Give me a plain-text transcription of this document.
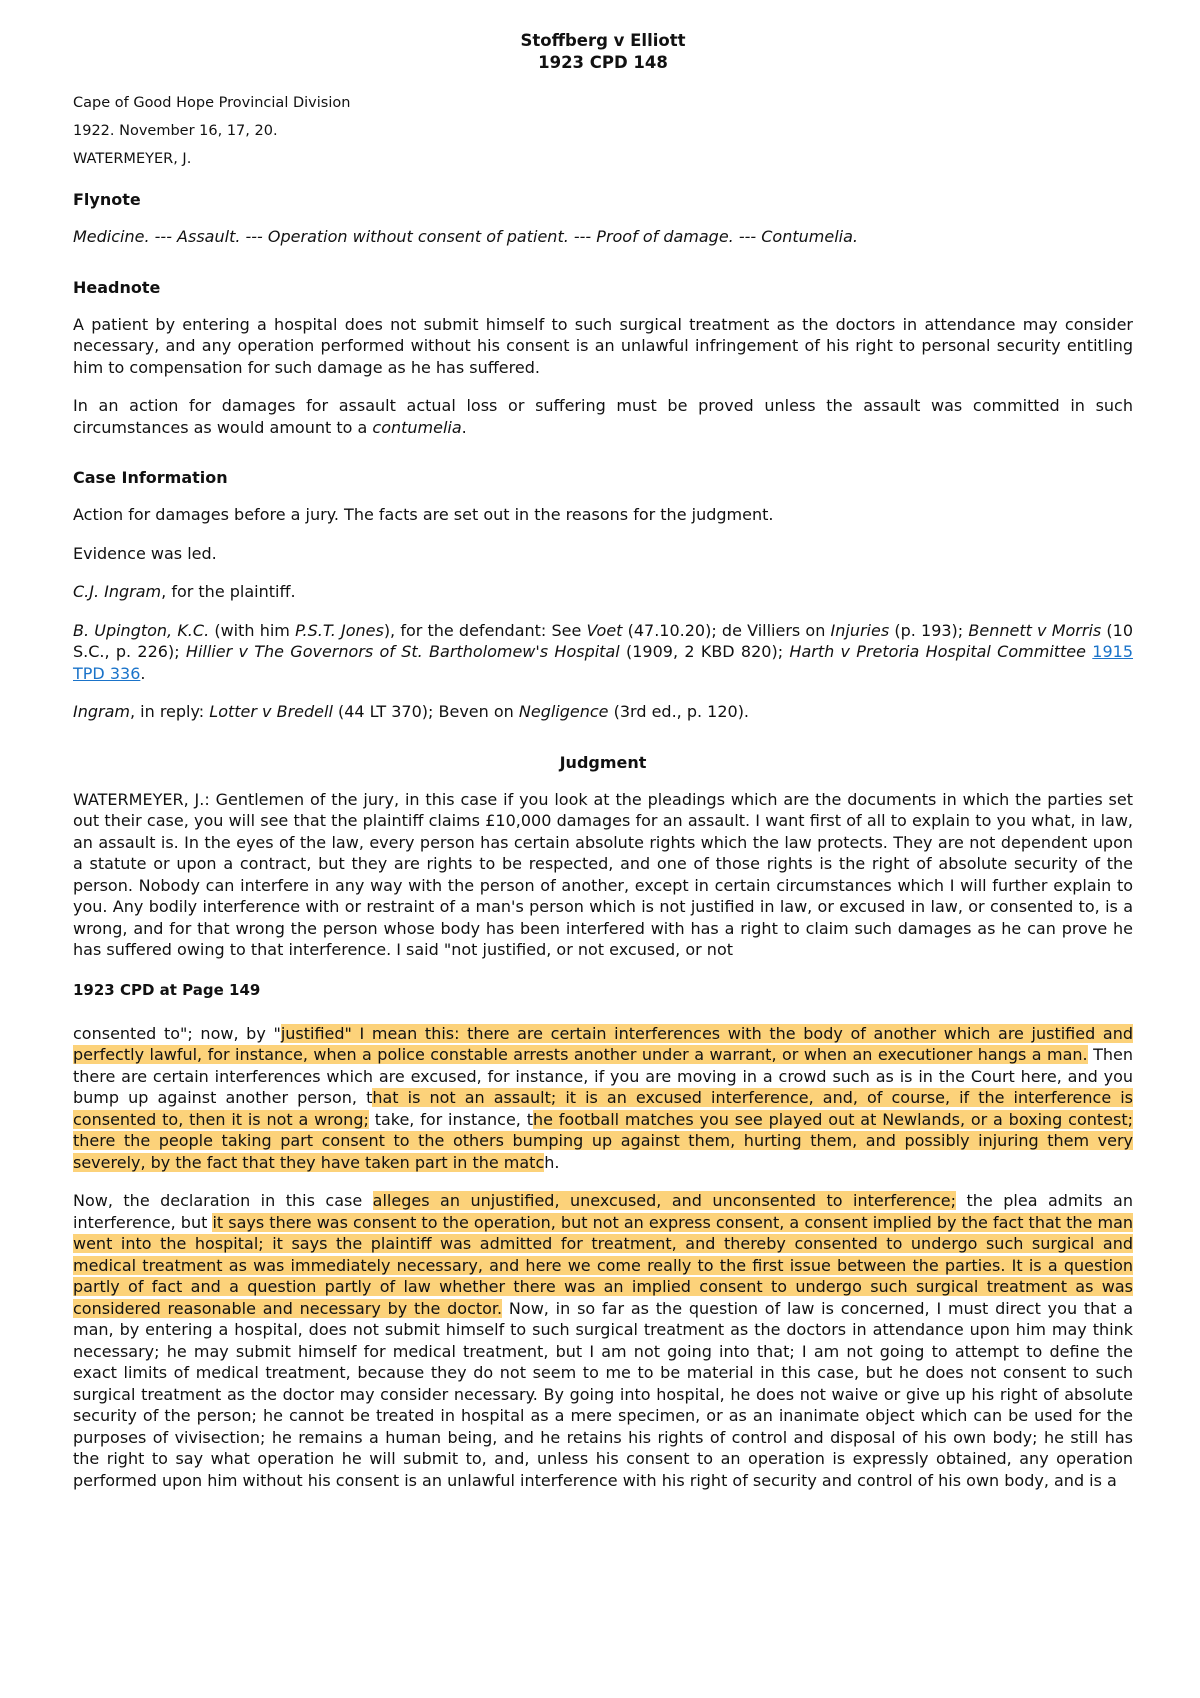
Stoffberg v Elliott

1923 CPD 148

Cape of Good Hope Provincial Division

1922. November 16, 17, 20.

WATERMEYER, J.

Flynote

Medicine. --- Assault. --- Operation without consent of patient. --- Proof of damage. --- Contumelia.

Headnote

A patient by entering a hospital does not submit himself to such surgical treatment as the doctors in attendance may consider necessary, and any operation performed without his consent is an unlawful infringement of his right to personal security entitling him to compensation for such damage as he has suffered.

In an action for damages for assault actual loss or suffering must be proved unless the assault was committed in such circumstances as would amount to a contumelia.

Case Information

Action for damages before a jury. The facts are set out in the reasons for the judgment.

Evidence was led.

C.J. Ingram, for the plaintiff.

B. Upington, K.C. (with him P.S.T. Jones), for the defendant: See Voet (47.10.20); de Villiers on Injuries (p. 193); Bennett v Morris (10 S.C., p. 226); Hillier v The Governors of St. Bartholomew's Hospital (1909, 2 KBD 820); Harth v Pretoria Hospital Committee 1915 TPD 336.

Ingram, in reply: Lotter v Bredell (44 LT 370); Beven on Negligence (3rd ed., p. 120).

Judgment

WATERMEYER, J.: Gentlemen of the jury, in this case if you look at the pleadings which are the documents in which the parties set out their case, you will see that the plaintiff claims £10,000 damages for an assault. I want first of all to explain to you what, in law, an assault is. In the eyes of the law, every person has certain absolute rights which the law protects. They are not dependent upon a statute or upon a contract, but they are rights to be respected, and one of those rights is the right of absolute security of the person. Nobody can interfere in any way with the person of another, except in certain circumstances which I will further explain to you. Any bodily interference with or restraint of a man's person which is not justified in law, or excused in law, or consented to, is a wrong, and for that wrong the person whose body has been interfered with has a right to claim such damages as he can prove he has suffered owing to that interference. I said "not justified, or not excused, or not

1923 CPD at Page 149

consented to"; now, by "justified" I mean this: there are certain interferences with the body of another which are justified and perfectly lawful, for instance, when a police constable arrests another under a warrant, or when an executioner hangs a man. Then there are certain interferences which are excused, for instance, if you are moving in a crowd such as is in the Court here, and you bump up against another person, that is not an assault; it is an excused interference, and, of course, if the interference is consented to, then it is not a wrong; take, for instance, the football matches you see played out at Newlands, or a boxing contest; there the people taking part consent to the others bumping up against them, hurting them, and possibly injuring them very severely, by the fact that they have taken part in the match.

Now, the declaration in this case alleges an unjustified, unexcused, and unconsented to interference; the plea admits an interference, but it says there was consent to the operation, but not an express consent, a consent implied by the fact that the man went into the hospital; it says the plaintiff was admitted for treatment, and thereby consented to undergo such surgical and medical treatment as was immediately necessary, and here we come really to the first issue between the parties. It is a question partly of fact and a question partly of law whether there was an implied consent to undergo such surgical treatment as was considered reasonable and necessary by the doctor. Now, in so far as the question of law is concerned, I must direct you that a man, by entering a hospital, does not submit himself to such surgical treatment as the doctors in attendance upon him may think necessary; he may submit himself for medical treatment, but I am not going into that; I am not going to attempt to define the exact limits of medical treatment, because they do not seem to me to be material in this case, but he does not consent to such surgical treatment as the doctor may consider necessary. By going into hospital, he does not waive or give up his right of absolute security of the person; he cannot be treated in hospital as a mere specimen, or as an inanimate object which can be used for the purposes of vivisection; he remains a human being, and he retains his rights of control and disposal of his own body; he still has the right to say what operation he will submit to, and, unless his consent to an operation is expressly obtained, any operation performed upon him without his consent is an unlawful interference with his right of security and control of his own body, and is a
